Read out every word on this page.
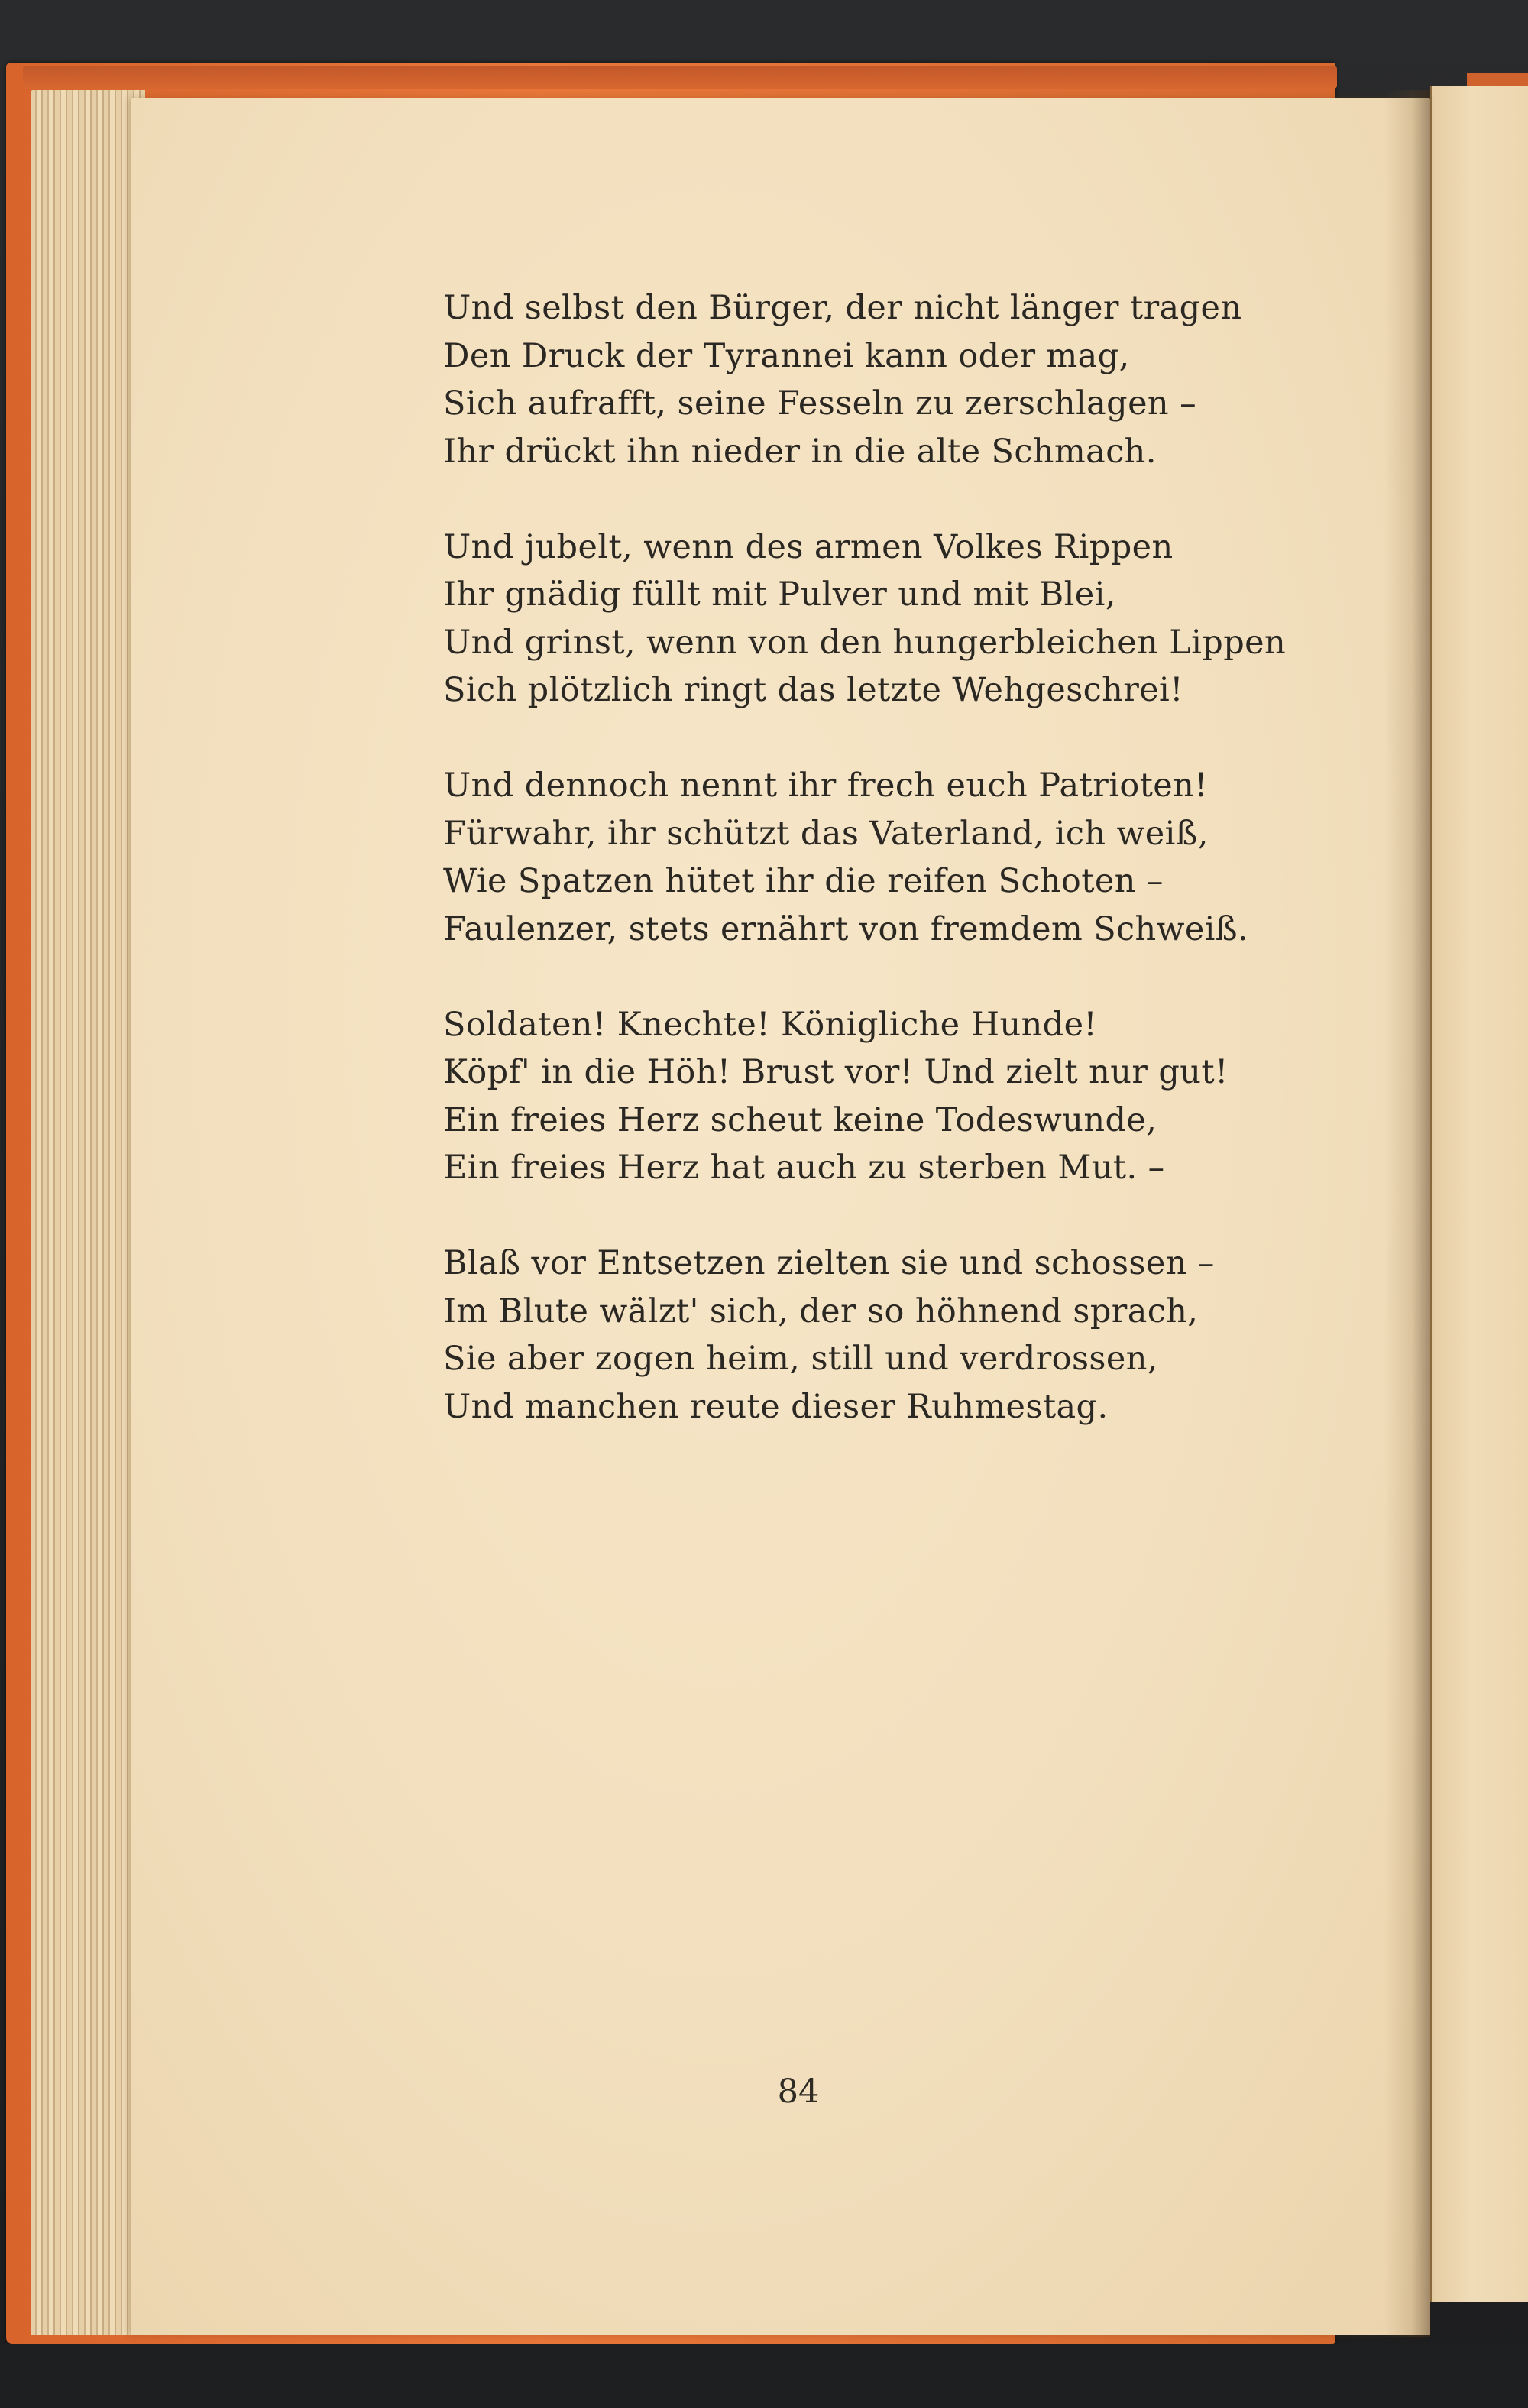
Und selbst den Bürger, der nicht länger tragen
Den Druck der Tyrannei kann oder mag,
Sich aufrafft, seine Fesseln zu zerschlagen –
Ihr drückt ihn nieder in die alte Schmach.
Und jubelt, wenn des armen Volkes Rippen
Ihr gnädig füllt mit Pulver und mit Blei,
Und grinst, wenn von den hungerbleichen Lippen
Sich plötzlich ringt das letzte Wehgeschrei!
Und dennoch nennt ihr frech euch Patrioten!
Fürwahr, ihr schützt das Vaterland, ich weiß,
Wie Spatzen hütet ihr die reifen Schoten –
Faulenzer, stets ernährt von fremdem Schweiß.
Soldaten! Knechte! Königliche Hunde!
Köpf' in die Höh! Brust vor! Und zielt nur gut!
Ein freies Herz scheut keine Todeswunde,
Ein freies Herz hat auch zu sterben Mut. –
Blaß vor Entsetzen zielten sie und schossen –
Im Blute wälzt' sich, der so höhnend sprach,
Sie aber zogen heim, still und verdrossen,
Und manchen reute dieser Ruhmestag.
84
